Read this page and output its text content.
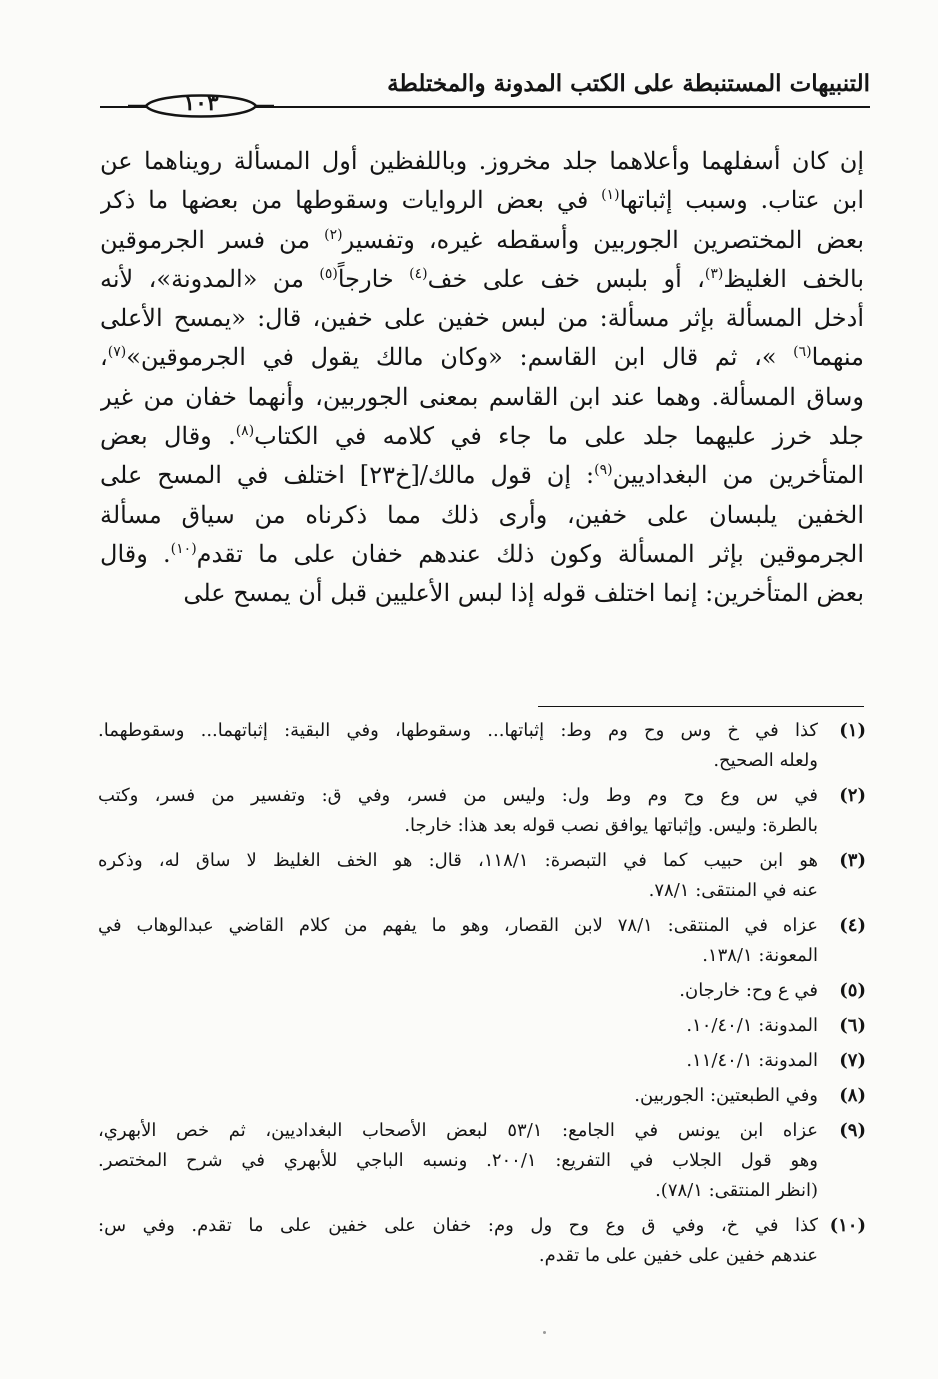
التنبيهات المستنبطة على الكتب المدونة والمختلطة
١٠٣
إن كان أسفلهما وأعلاهما جلد مخروز. وباللفظين أول المسألة رويناهما عن
ابن عتاب. وسبب إثباتها$^{(١)}$ في بعض الروايات وسقوطها من بعضها ما ذكر
بعض المختصرين الجوربين وأسقطه غيره، وتفسير$^{(٢)}$ من فسر الجرموقين
بالخف الغليظ$^{(٣)}$، أو بلبس خف على خف$^{(٤)}$ خارجاً$^{(٥)}$ من «المدونة»، لأنه
أدخل المسألة بإثر مسألة: من لبس خفين على خفين، قال: «يمسح الأعلى
منهما$^{(٦)}$ »، ثم قال ابن القاسم: «وكان مالك يقول في الجرموقين»$^{(٧)}$،
وساق المسألة. وهما عند ابن القاسم بمعنى الجوربين، وأنهما خفان من غير
جلد خرز عليهما جلد على ما جاء في كلامه في الكتاب$^{(٨)}$. وقال بعض
المتأخرين من البغداديين$^{(٩)}$: إن قول مالك/[خ٢٣] اختلف في المسح على
الخفين يلبسان على خفين، وأرى ذلك مما ذكرناه من سياق مسألة
الجرموقين بإثر المسألة وكون ذلك عندهم خفان على ما تقدم$^{(١٠)}$. وقال
بعض المتأخرين: إنما اختلف قوله إذا لبس الأعليين قبل أن يمسح على
(١)
كذا في خ وس وح وم وط: إثباتها... وسقوطها، وفي البقية: إثباتهما... وسقوطهما.
ولعله الصحيح.
(٢)
في س وع وح وم وط ول: وليس من فسر، وفي ق: وتفسير من فسر، وكتب
بالطرة: وليس. وإثباتها يوافق نصب قوله بعد هذا: خارجا.
(٣)
هو ابن حبيب كما في التبصرة: ١١٨/١، قال: هو الخف الغليظ لا ساق له، وذكره
عنه في المنتقى: ٧٨/١.
(٤)
عزاه في المنتقى: ٧٨/١ لابن القصار، وهو ما يفهم من كلام القاضي عبدالوهاب في
المعونة: ١٣٨/١.
(٥)
في ع وح: خارجان.
(٦)
المدونة: ١٠/٤٠/١.
(٧)
المدونة: ١١/٤٠/١.
(٨)
وفي الطبعتين: الجوربين.
(٩)
عزاه ابن يونس في الجامع: ٥٣/١ لبعض الأصحاب البغداديين، ثم خص الأبهري،
وهو قول الجلاب في التفريع: ٢٠٠/١. ونسبه الباجي للأبهري في شرح المختصر.
(انظر المنتقى: ٧٨/١).
(١٠)
كذا في خ، وفي ق وع وح ول وم: خفان على خفين على ما تقدم. وفي س:
عندهم خفين على خفين على ما تقدم.
